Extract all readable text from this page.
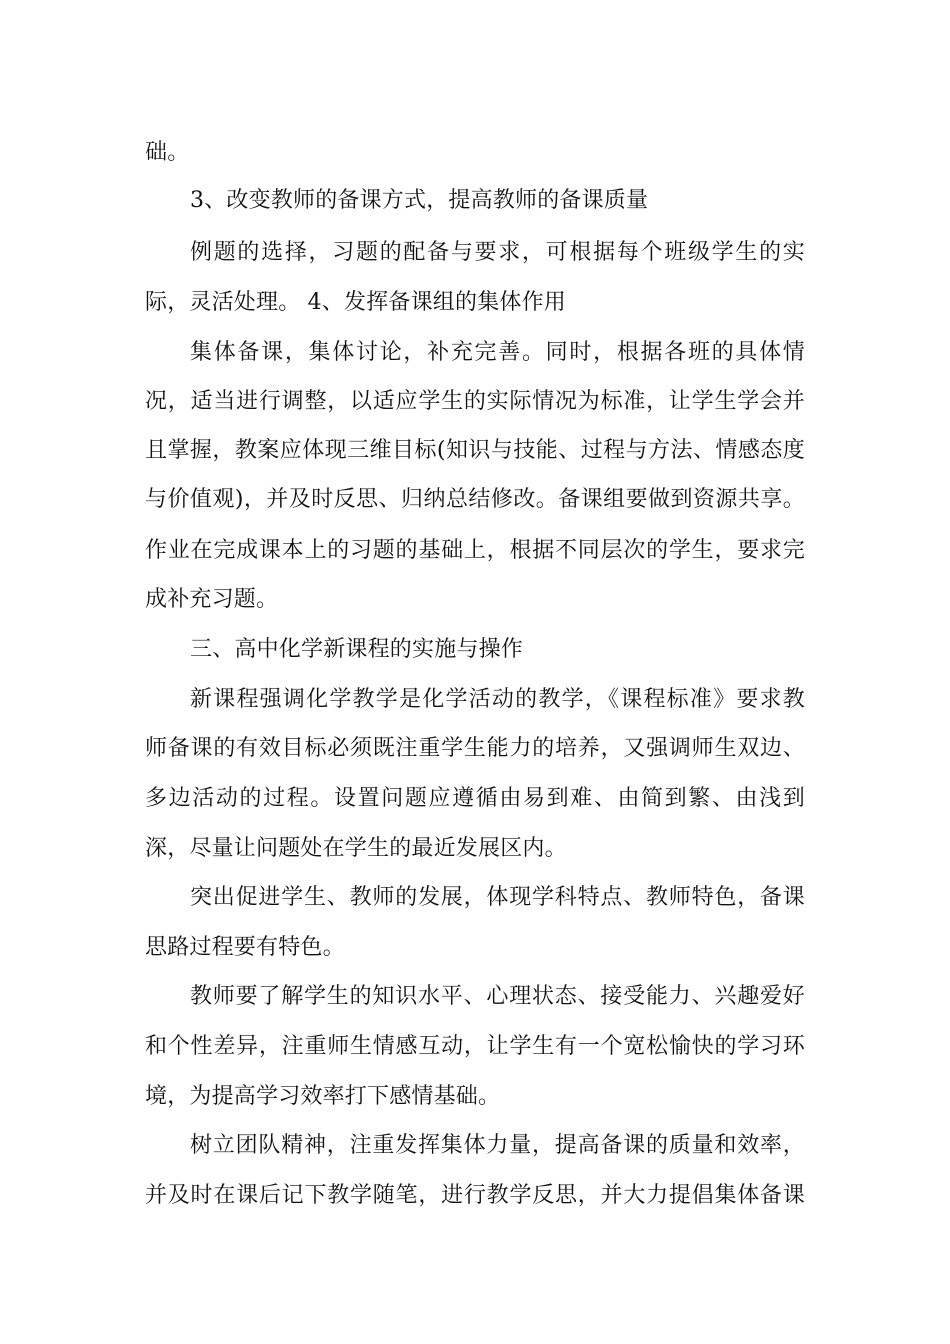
础。
3、改变教师的备课方式，提高教师的备课质量
例题的选择，习题的配备与要求，可根据每个班级学生的实
际，灵活处理。 4、发挥备课组的集体作用
集体备课，集体讨论，补充完善。同时，根据各班的具体情
况，适当进行调整，以适应学生的实际情况为标准，让学生学会并
且掌握，教案应体现三维目标(知识与技能、过程与方法、情感态度
与价值观)，并及时反思、归纳总结修改。备课组要做到资源共享。
作业在完成课本上的习题的基础上，根据不同层次的学生，要求完
成补充习题。
三、高中化学新课程的实施与操作
新课程强调化学教学是化学活动的教学，《课程标准》要求教
师备课的有效目标必须既注重学生能力的培养，又强调师生双边、
多边活动的过程。设置问题应遵循由易到难、由简到繁、由浅到
深，尽量让问题处在学生的最近发展区内。
突出促进学生、教师的发展，体现学科特点、教师特色，备课
思路过程要有特色。
教师要了解学生的知识水平、心理状态、接受能力、兴趣爱好
和个性差异，注重师生情感互动，让学生有一个宽松愉快的学习环
境，为提高学习效率打下感情基础。
树立团队精神，注重发挥集体力量，提高备课的质量和效率，
并及时在课后记下教学随笔，进行教学反思，并大力提倡集体备课
